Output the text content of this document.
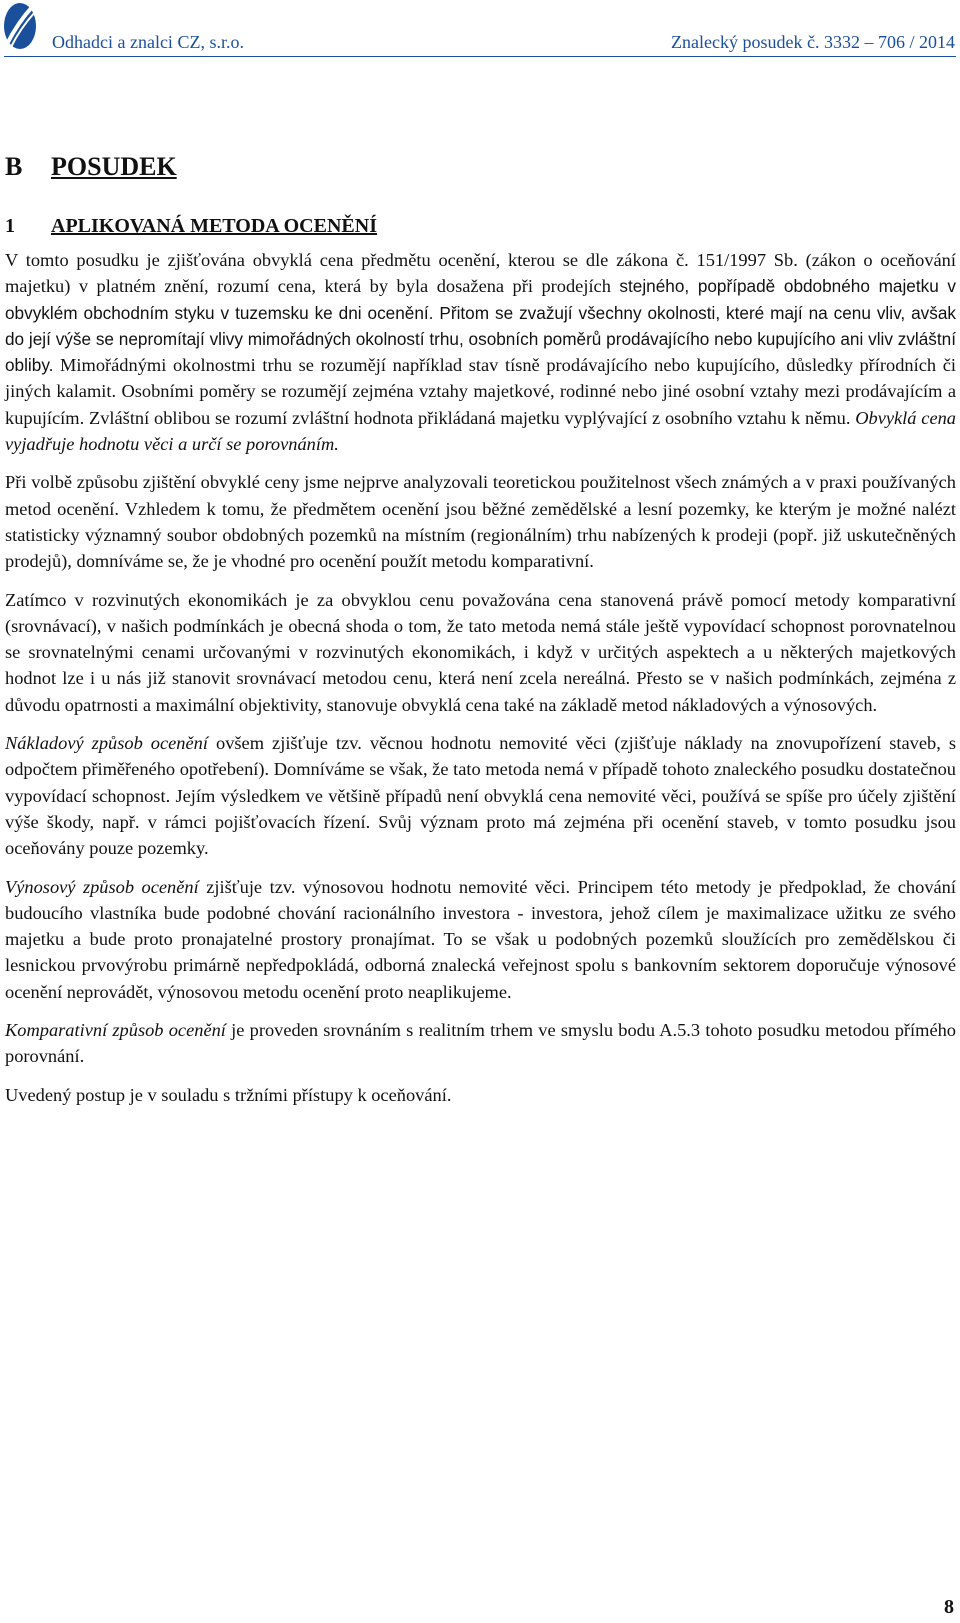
Odhadci a znalci CZ, s.r.o.	Znalecký posudek č. 3332 – 706 / 2014
B	POSUDEK
1	APLIKOVANÁ METODA OCENĚNÍ

V tomto posudku je zjišťována obvyklá cena předmětu ocenění, kterou se dle zákona č. 151/1997 Sb. (zákon o oceňování majetku) v platném znění, rozumí cena, která by byla dosažena při prodejích stejného, popřípadě obdobného majetku v obvyklém obchodním styku v tuzemsku ke dni ocenění. Přitom se zvažují všechny okolnosti, které mají na cenu vliv, avšak do její výše se nepromítají vlivy mimořádných okolností trhu, osobních poměrů prodávajícího nebo kupujícího ani vliv zvláštní obliby. Mimořádnými okolnostmi trhu se rozumějí například stav tísně prodávajícího nebo kupujícího, důsledky přírodních či jiných kalamit. Osobními poměry se rozumějí zejména vztahy majetkové, rodinné nebo jiné osobní vztahy mezi prodávajícím a kupujícím. Zvláštní oblibou se rozumí zvláštní hodnota přikládaná majetku vyplývající z osobního vztahu k němu. Obvyklá cena vyjadřuje hodnotu věci a určí se porovnáním.

Při volbě způsobu zjištění obvyklé ceny jsme nejprve analyzovali teoretickou použitelnost všech známých a v praxi používaných metod ocenění. Vzhledem k tomu, že předmětem ocenění jsou běžné zemědělské a lesní pozemky, ke kterým je možné nalézt statisticky významný soubor obdobných pozemků na místním (regionálním) trhu nabízených k prodeji (popř. již uskutečněných prodejů), domníváme se, že je vhodné pro ocenění použít metodu komparativní.

Zatímco v rozvinutých ekonomikách je za obvyklou cenu považována cena stanovená právě pomocí metody komparativní (srovnávací), v našich podmínkách je obecná shoda o tom, že tato metoda nemá stále ještě vypovídací schopnost porovnatelnou se srovnatelnými cenami určovanými v rozvinutých ekonomikách, i když v určitých aspektech a u některých majetkových hodnot lze i u nás již stanovit srovnávací metodou cenu, která není zcela nereálná. Přesto se v našich podmínkách, zejména z důvodu opatrnosti a maximální objektivity, stanovuje obvyklá cena také na základě metod nákladových a výnosových.

Nákladový způsob ocenění ovšem zjišťuje tzv. věcnou hodnotu nemovité věci (zjišťuje náklady na znovupořízení staveb, s odpočtem přiměřeného opotřebení). Domníváme se však, že tato metoda nemá v případě tohoto znaleckého posudku dostatečnou vypovídací schopnost. Jejím výsledkem ve většině případů není obvyklá cena nemovité věci, používá se spíše pro účely zjištění výše škody, např. v rámci pojišťovacích řízení. Svůj význam proto má zejména při ocenění staveb, v tomto posudku jsou oceňovány pouze pozemky.

Výnosový způsob ocenění zjišťuje tzv. výnosovou hodnotu nemovité věci. Principem této metody je předpoklad, že chování budoucího vlastníka bude podobné chování racionálního investora - investora, jehož cílem je maximalizace užitku ze svého majetku a bude proto pronajatelné prostory pronajímat. To se však u podobných pozemků sloužících pro zemědělskou či lesnickou prvovýrobu primárně nepředpokládá, odborná znalecká veřejnost spolu s bankovním sektorem doporučuje výnosové ocenění neprovádět, výnosovou metodu ocenění proto neaplikujeme.

Komparativní způsob ocenění je proveden srovnáním s realitním trhem ve smyslu bodu A.5.3 tohoto posudku metodou přímého porovnání.

Uvedený postup je v souladu s tržními přístupy k oceňování.

8
